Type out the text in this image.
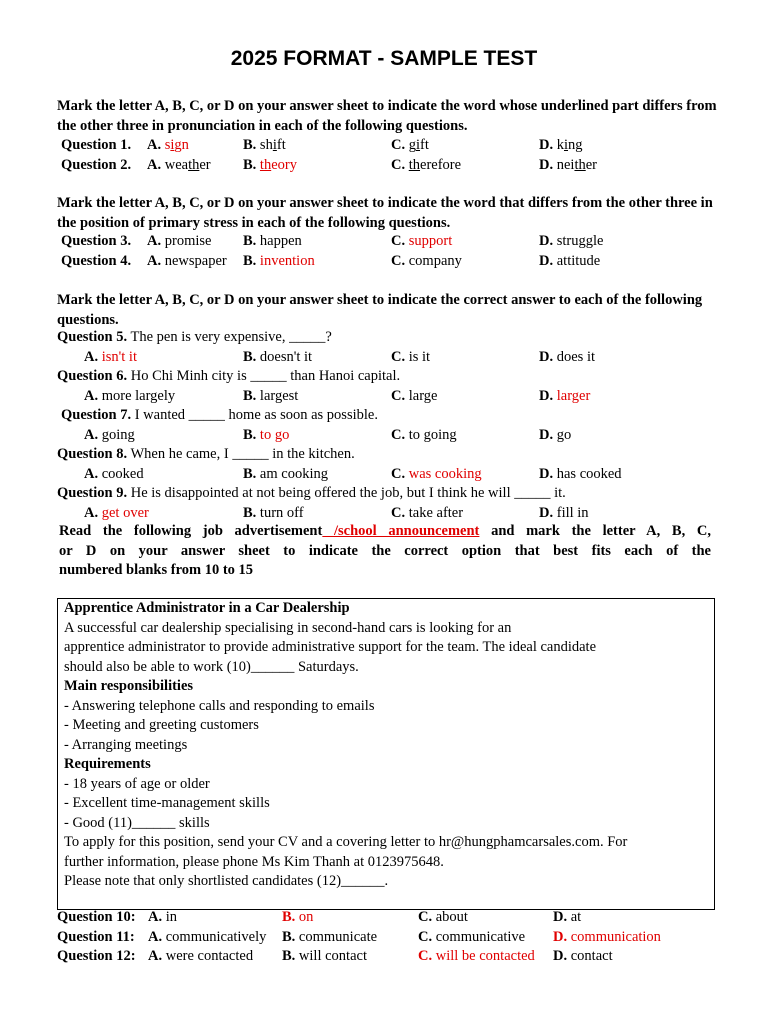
2025 FORMAT - SAMPLE TEST
Mark the letter A, B, C, or D on your answer sheet to indicate the word whose underlined part differs from the other three in pronunciation in each of the following questions.
Mark the letter A, B, C, or D on your answer sheet to indicate the word that differs from the other three in the position of primary stress in each of the following questions.
Mark the letter A, B, C, or D on your answer sheet to indicate the correct answer to each of the following questions.
Read the following job advertisement /school announcement and mark the letter A, B, C,
or D on your answer sheet to indicate the correct option that best fits each of the
numbered blanks from 10 to 15
Apprentice Administrator in a Car Dealership
A successful car dealership specialising in second-hand cars is looking for an
apprentice administrator to provide administrative support for the team. The ideal candidate
should also be able to work (10)______ Saturdays.
Main responsibilities
- Answering telephone calls and responding to emails
- Meeting and greeting customers
- Arranging meetings
Requirements
- 18 years of age or older
- Excellent time-management skills
- Good (11)______ skills
To apply for this position, send your CV and a covering letter to hr@hungphamcarsales.com. For
further information, please phone Ms Kim Thanh at 0123975648.
Please note that only shortlisted candidates (12)______.
Question 1. A. sign	B. shift	C. gift	D. king
Question 2. A. weather B. theory	C. therefore	D. neither
Question 3. A. promise B. happen	C. support	D. struggle
Question 4. A. newspaper B. invention	C. company	D. attitude
Question 5. The pen is very expensive, _____?
A. isn't it	B. doesn't it	C. is it	D. does it
Question 6. Ho Chi Minh city is _____ than Hanoi capital.
A. more largely	B. largest	C. large	D. larger
Question 7. I wanted _____ home as soon as possible.
A. going	B. to go	C. to going	D. go
Question 8. When he came, I _____ in the kitchen.
A. cooked	B. am cooking	C. was cooking	D. has cooked
Question 9. He is disappointed at not being offered the job, but I think he will _____ it.
A. get over	B. turn off	C. take after	D. fill in
Question 10: A. in	B. on	C. about	D. at
Question 11: A. communicatively B. communicate	C. communicative D. communication
Question 12: A. were contacted B. will contact	C. will be contacted D. contact
